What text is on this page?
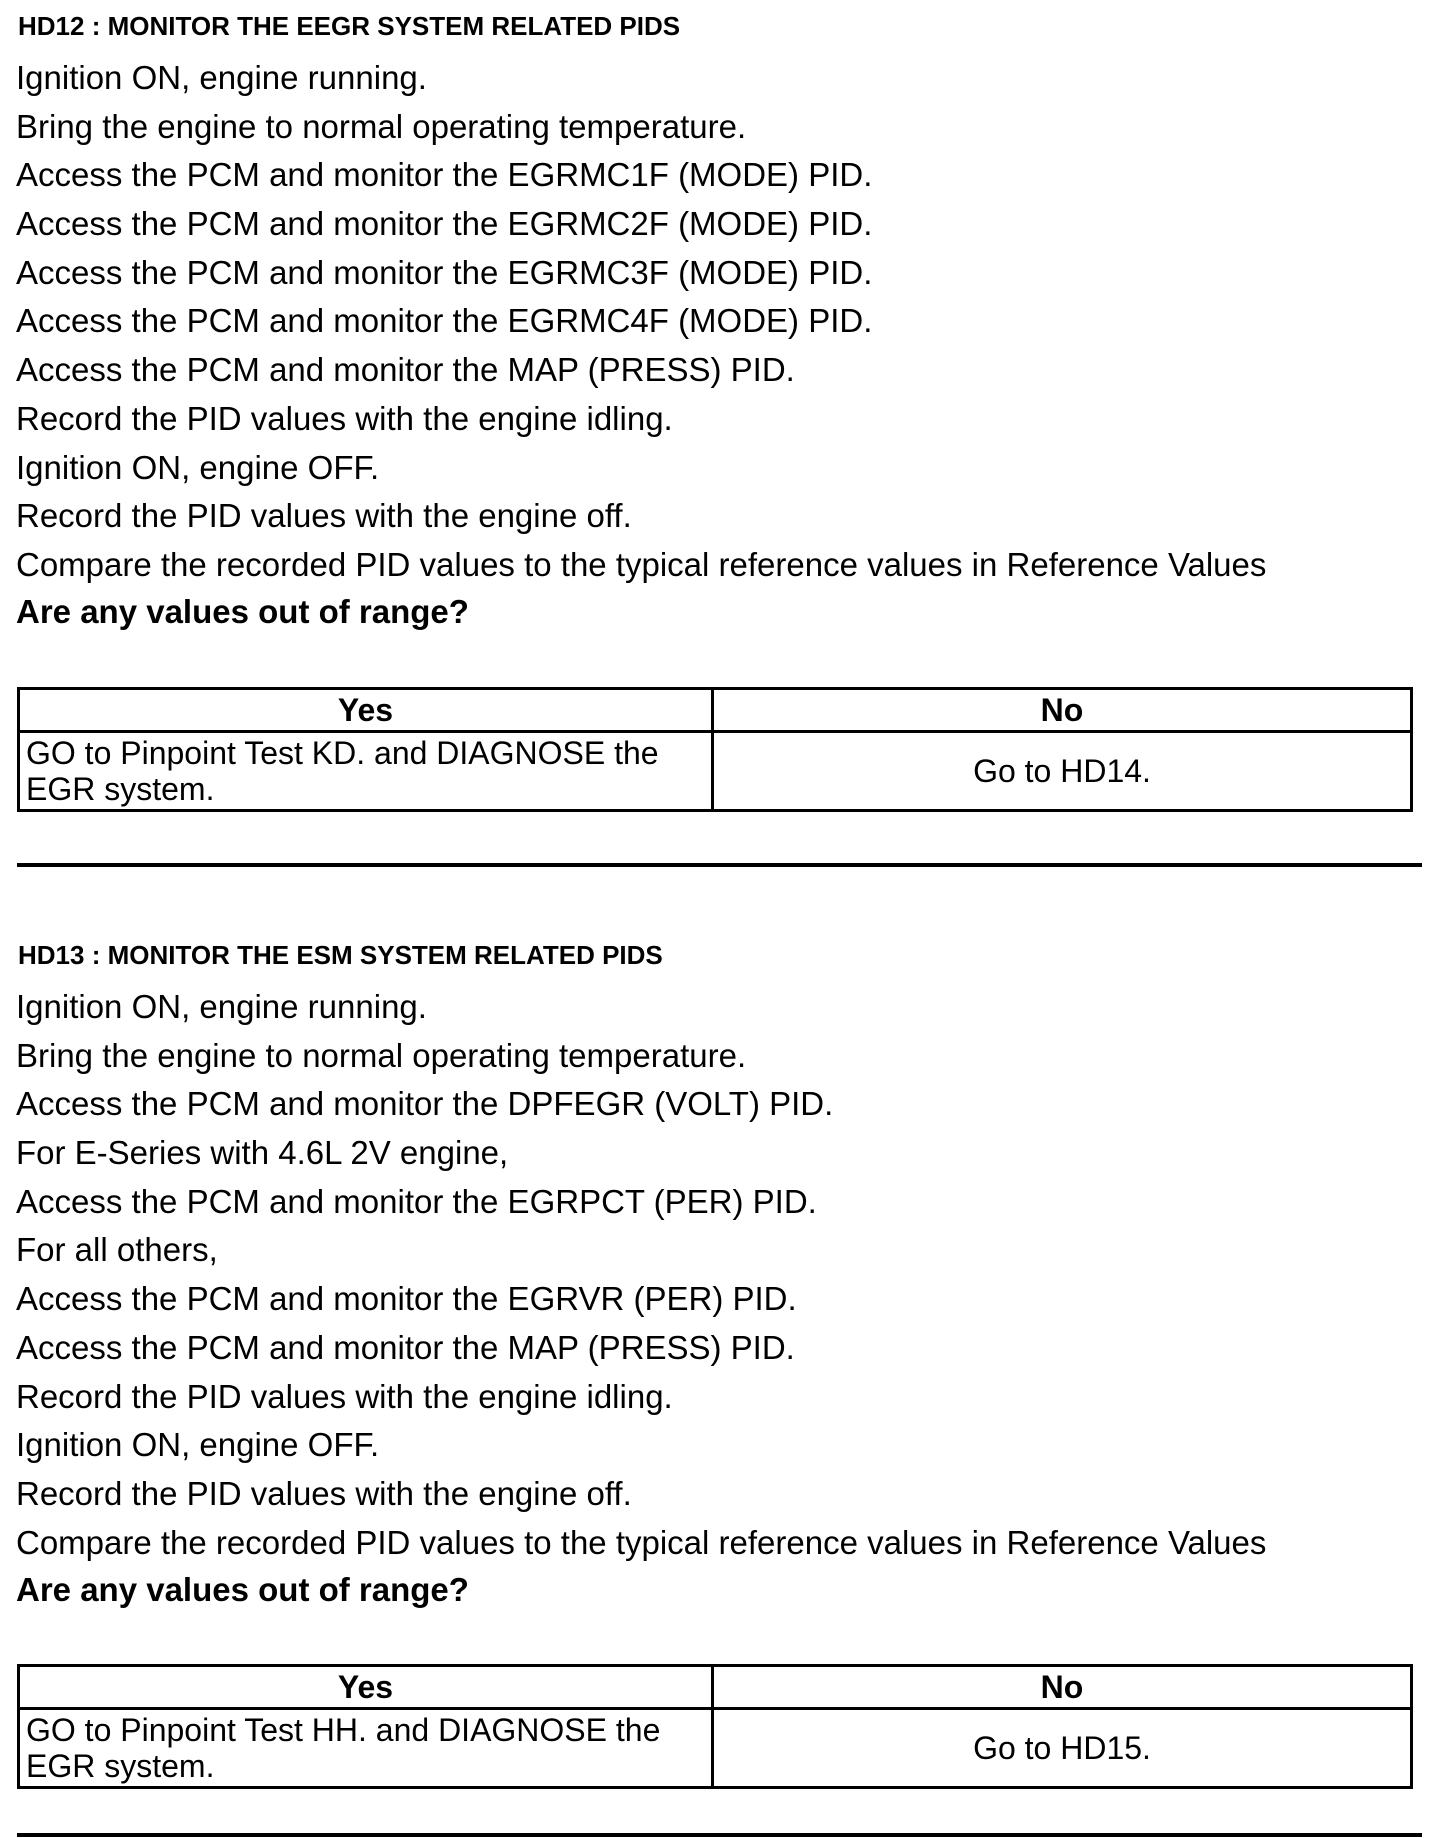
HD12 : MONITOR THE EEGR SYSTEM RELATED PIDS
Ignition ON, engine running.
Bring the engine to normal operating temperature.
Access the PCM and monitor the EGRMC1F (MODE) PID.
Access the PCM and monitor the EGRMC2F (MODE) PID.
Access the PCM and monitor the EGRMC3F (MODE) PID.
Access the PCM and monitor the EGRMC4F (MODE) PID.
Access the PCM and monitor the MAP (PRESS) PID.
Record the PID values with the engine idling.
Ignition ON, engine OFF.
Record the PID values with the engine off.
Compare the recorded PID values to the typical reference values in Reference Values

Are any values out of range?

Yes	No
GO to Pinpoint Test KD. and DIAGNOSE the EGR system.	Go to HD14.
HD13 : MONITOR THE ESM SYSTEM RELATED PIDS
Ignition ON, engine running.
Bring the engine to normal operating temperature.
Access the PCM and monitor the DPFEGR (VOLT) PID.
For E-Series with 4.6L 2V engine,
Access the PCM and monitor the EGRPCT (PER) PID.
For all others,
Access the PCM and monitor the EGRVR (PER) PID.
Access the PCM and monitor the MAP (PRESS) PID.
Record the PID values with the engine idling.
Ignition ON, engine OFF.
Record the PID values with the engine off.
Compare the recorded PID values to the typical reference values in Reference Values

Are any values out of range?

Yes	No
GO to Pinpoint Test HH. and DIAGNOSE the EGR system.	Go to HD15.
